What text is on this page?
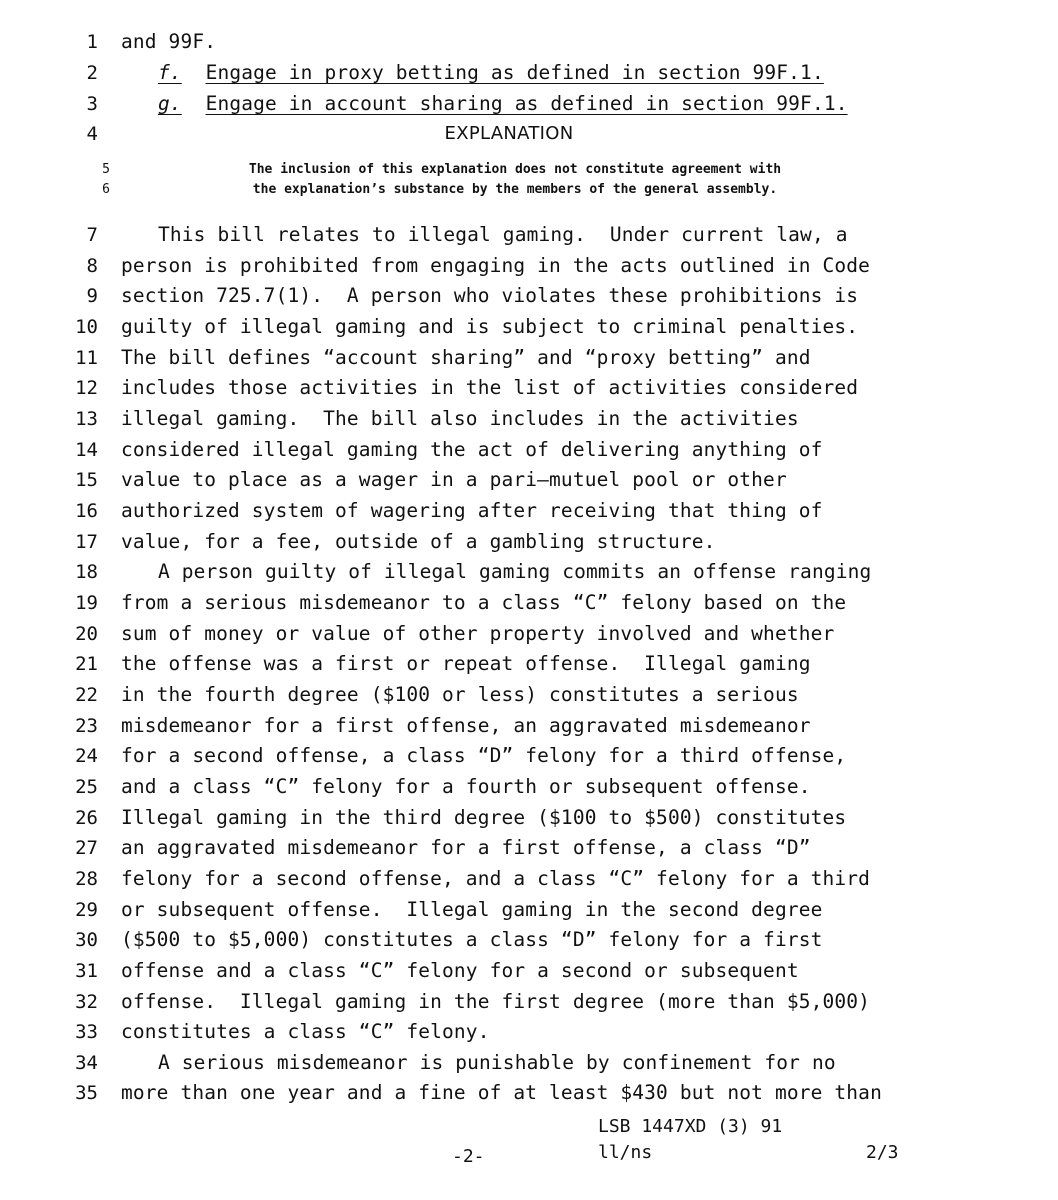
1 and 99F.
2	f. Engage in proxy betting as defined in section 99F.1.
3	g. Engage in account sharing as defined in section 99F.1.
4	EXPLANATION
5	The inclusion of this explanation does not constitute agreement with
6	the explanation’s substance by the members of the general assembly.
7	This bill relates to illegal gaming.  Under current law, a
8 person is prohibited from engaging in the acts outlined in Code
9 section 725.7(1).  A person who violates these prohibitions is
10 guilty of illegal gaming and is subject to criminal penalties.
11 The bill defines “account sharing” and “proxy betting” and
12 includes those activities in the list of activities considered
13 illegal gaming.  The bill also includes in the activities
14 considered illegal gaming the act of delivering anything of
15 value to place as a wager in a pari–mutuel pool or other
16 authorized system of wagering after receiving that thing of
17 value, for a fee, outside of a gambling structure.
18	A person guilty of illegal gaming commits an offense ranging
19 from a serious misdemeanor to a class “C” felony based on the
20 sum of money or value of other property involved and whether
21 the offense was a first or repeat offense.  Illegal gaming
22 in the fourth degree ($100 or less) constitutes a serious
23 misdemeanor for a first offense, an aggravated misdemeanor
24 for a second offense, a class “D” felony for a third offense,
25 and a class “C” felony for a fourth or subsequent offense.
26 Illegal gaming in the third degree ($100 to $500) constitutes
27 an aggravated misdemeanor for a first offense, a class “D”
28 felony for a second offense, and a class “C” felony for a third
29 or subsequent offense.  Illegal gaming in the second degree
30 ($500 to $5,000) constitutes a class “D” felony for a first
31 offense and a class “C” felony for a second or subsequent
32 offense.  Illegal gaming in the first degree (more than $5,000)
33 constitutes a class “C” felony.
34	A serious misdemeanor is punishable by confinement for no
35 more than one year and a fine of at least $430 but not more than
LSB 1447XD (3) 91
-2-	ll/ns	2/3
